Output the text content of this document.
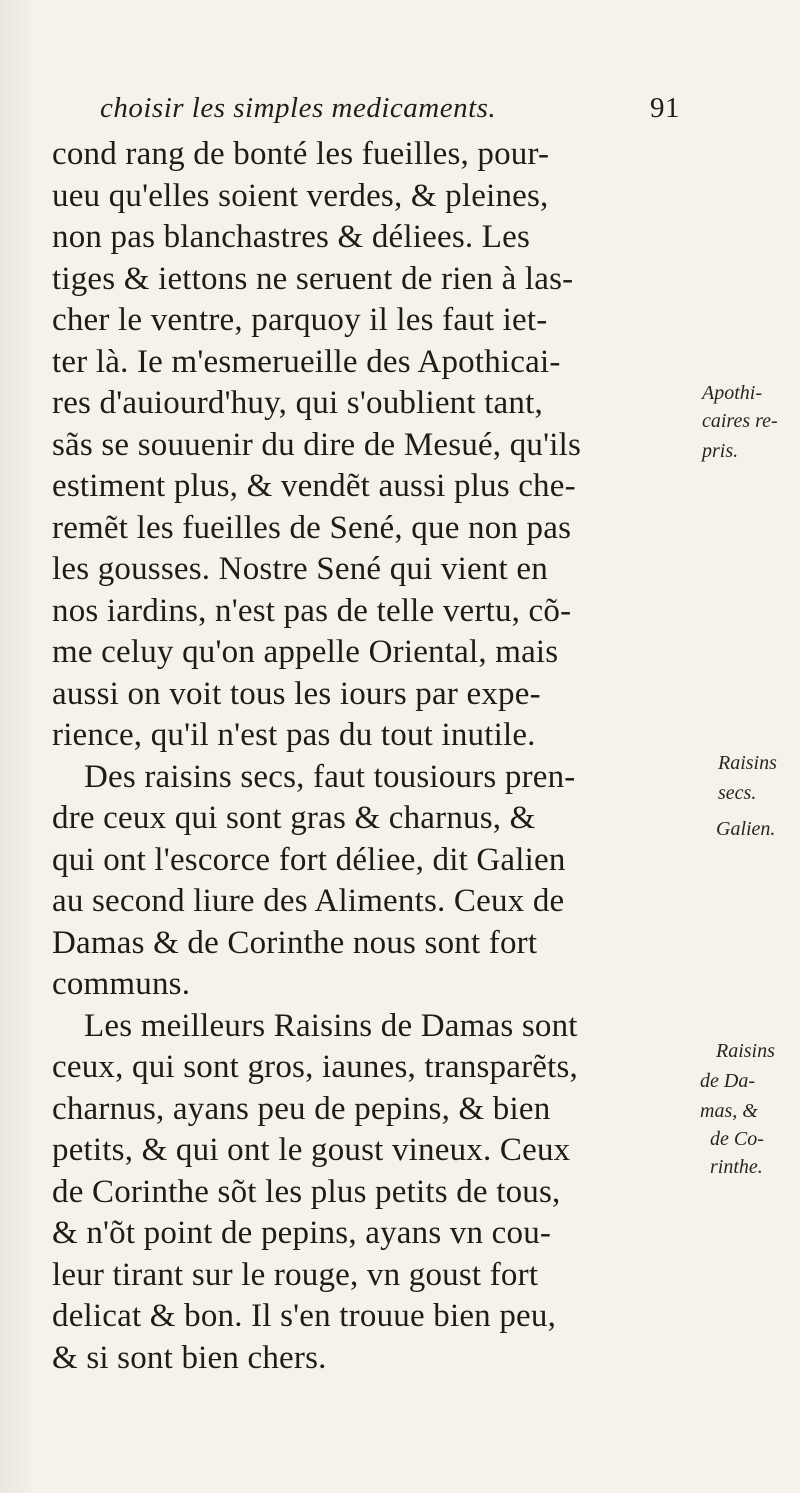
choisir les simples medicaments.	91
cond rang de bonté les fueilles, pour-
ueu qu'elles soient verdes, & pleines,
non pas blanchastres & déliees. Les
tiges & iettons ne seruent de rien à las-
cher le ventre, parquoy il les faut iet-
ter là. Ie m'esmerueille des Apothicai-
res d'auiourd'huy, qui s'oublient tant,
sãs se souuenir du dire de Mesué, qu'ils
estiment plus, & vendẽt aussi plus che-
remẽt les fueilles de Sené, que non pas
les gousses. Nostre Sené qui vient en
nos iardins, n'est pas de telle vertu, cõ-
me celuy qu'on appelle Oriental, mais
aussi on voit tous les iours par expe-
rience, qu'il n'est pas du tout inutile.
Des raisins secs, faut tousiours pren-
dre ceux qui sont gras & charnus, &
qui ont l'escorce fort déliee, dit Galien
au second liure des Aliments. Ceux de
Damas & de Corinthe nous sont fort
communs.
Les meilleurs Raisins de Damas sont
ceux, qui sont gros, iaunes, transparẽts,
charnus, ayans peu de pepins, & bien
petits, & qui ont le goust vineux. Ceux
de Corinthe sõt les plus petits de tous,
& n'õt point de pepins, ayans vn cou-
leur tirant sur le rouge, vn goust fort
delicat & bon. Il s'en trouue bien peu,
& si sont bien chers.
Apothi-
caires re-
pris.
Raisins
secs.
Galien.
Raisins
de Da-
mas, &
de Co-
rinthe.
